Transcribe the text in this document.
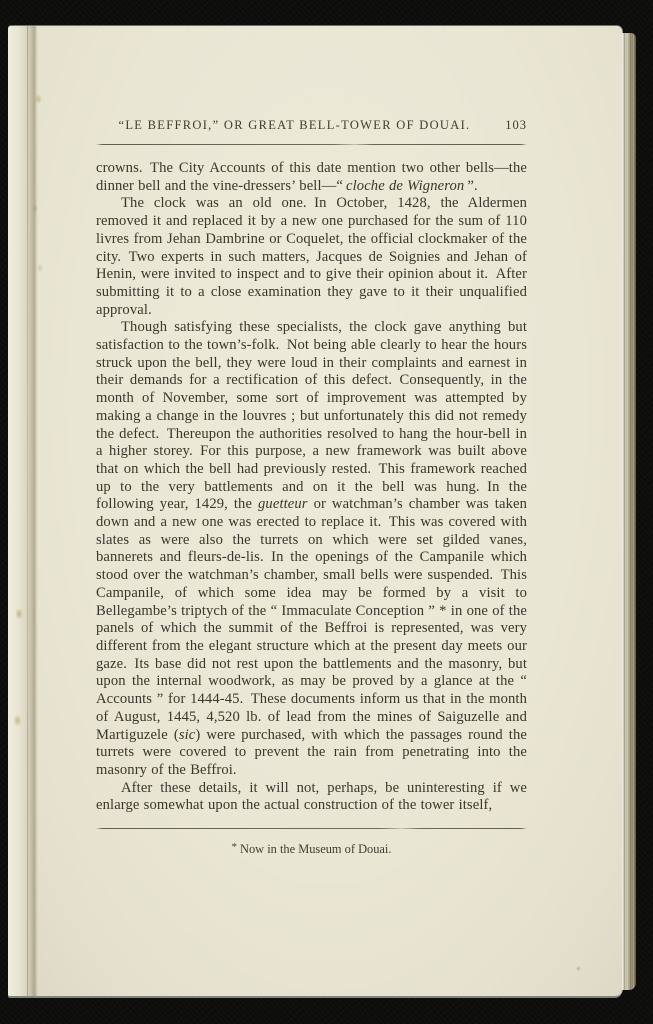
“LE BEFFROI,” OR GREAT BELL-TOWER OF DOUAI.	103

crowns. The City Accounts of this date mention two other bells—the dinner bell and the vine-dressers’ bell—“ cloche de Wigneron ”.

The clock was an old one. In October, 1428, the Aldermen removed it and replaced it by a new one purchased for the sum of 110 livres from Jehan Dambrine or Coquelet, the official clockmaker of the city. Two experts in such matters, Jacques de Soignies and Jehan of Henin, were invited to inspect and to give their opinion about it. After submitting it to a close examination they gave to it their unqualified approval.

Though satisfying these specialists, the clock gave anything but satisfaction to the town’s-folk. Not being able clearly to hear the hours struck upon the bell, they were loud in their complaints and earnest in their demands for a rectification of this defect. Consequently, in the month of November, some sort of improvement was attempted by making a change in the louvres ; but unfortunately this did not remedy the defect. Thereupon the authorities resolved to hang the hour-bell in a higher storey. For this purpose, a new framework was built above that on which the bell had previously rested. This framework reached up to the very battlements and on it the bell was hung. In the following year, 1429, the guetteur or watchman’s chamber was taken down and a new one was erected to replace it. This was covered with slates as were also the turrets on which were set gilded vanes, bannerets and fleurs-de-lis. In the openings of the Campanile which stood over the watchman’s chamber, small bells were suspended. This Campanile, of which some idea may be formed by a visit to Bellegambe’s triptych of the “ Immaculate Conception ” * in one of the panels of which the summit of the Beffroi is represented, was very different from the elegant structure which at the present day meets our gaze. Its base did not rest upon the battlements and the masonry, but upon the internal woodwork, as may be proved by a glance at the “ Accounts ” for 1444-45. These documents inform us that in the month of August, 1445, 4,520 lb. of lead from the mines of Saiguzelle and Martiguzele (sic) were purchased, with which the passages round the turrets were covered to prevent the rain from penetrating into the masonry of the Beffroi.

After these details, it will not, perhaps, be uninteresting if we enlarge somewhat upon the actual construction of the tower itself,

* Now in the Museum of Douai.
